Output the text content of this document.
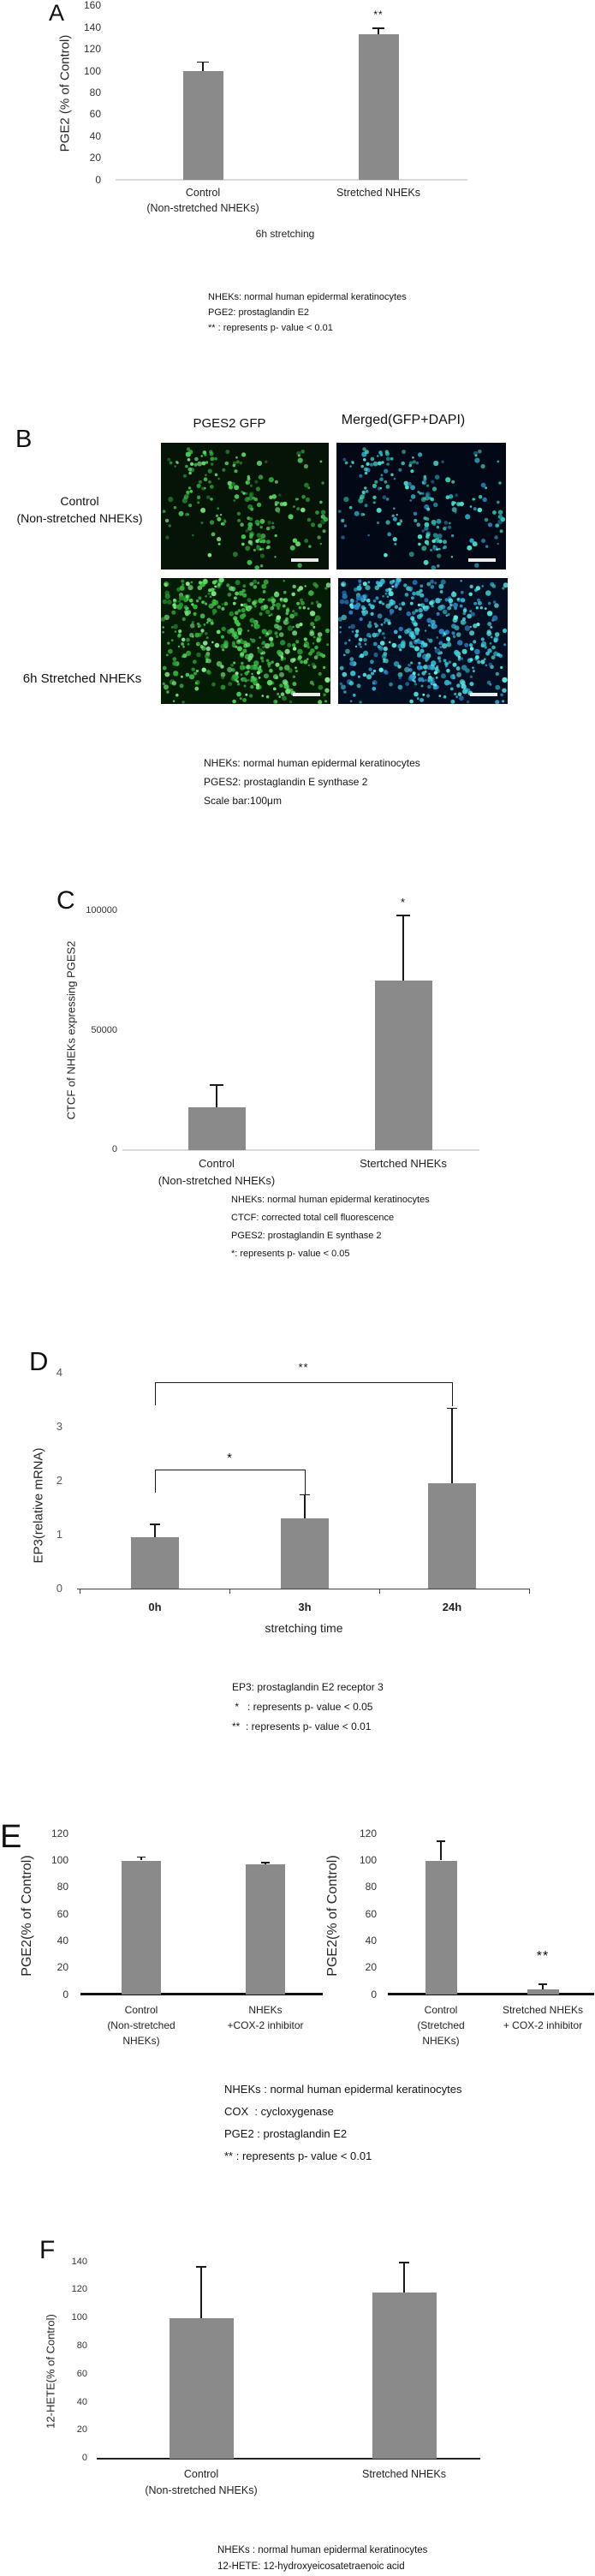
A
B
C
D
E
F
0
20
40
60
80
100
120
140
160
PGE2 (% of Control)
Control
(Non-stretched NHEKs)
Stretched NHEKs
6h stretching
**
0
50000
100000
CTCF of NHEKs expressing PGES2
Control
(Non-stretched NHEKs)
Stertched NHEKs
*
0
1
2
3
4
EP3(relative mRNA)
0h	3h	24h
stretching time
*
**
0
20
40
60
80
100
120
PGE2(% of Control)
Control
(Non-stretched
NHEKs)
NHEKs
+COX-2 inhibitor
0
20
40
60
80
100
120
PGE2(% of Control)
Control
(Stretched
NHEKs)
Stretched NHEKs
+ COX-2 inhibitor
**
0
20
40
60
80
100
120
140
12-HETE(% of Control)
Control
(Non-stretched NHEKs)
Stretched NHEKs
PGES2 GFP	Merged(GFP+DAPI)
Control
(Non-stretched NHEKs)
6h Stretched NHEKs
NHEKs: normal human epidermal keratinocytes
PGE2: prostaglandin E2
** : represents p- value < 0.01
NHEKs: normal human epidermal keratinocytes
PGES2: prostaglandin E synthase 2
Scale bar:100μm
NHEKs: normal human epidermal keratinocytes
CTCF: corrected total cell fluorescence
PGES2: prostaglandin E synthase 2
*: represents p- value < 0.05
EP3: prostaglandin E2 receptor 3
*   : represents p- value < 0.05
**  : represents p- value < 0.01
NHEKs : normal human epidermal keratinocytes
COX  : cycloxygenase
PGE2 : prostaglandin E2
** : represents p- value < 0.01
NHEKs : normal human epidermal keratinocytes
12-HETE: 12-hydroxyeicosatetraenoic acid
